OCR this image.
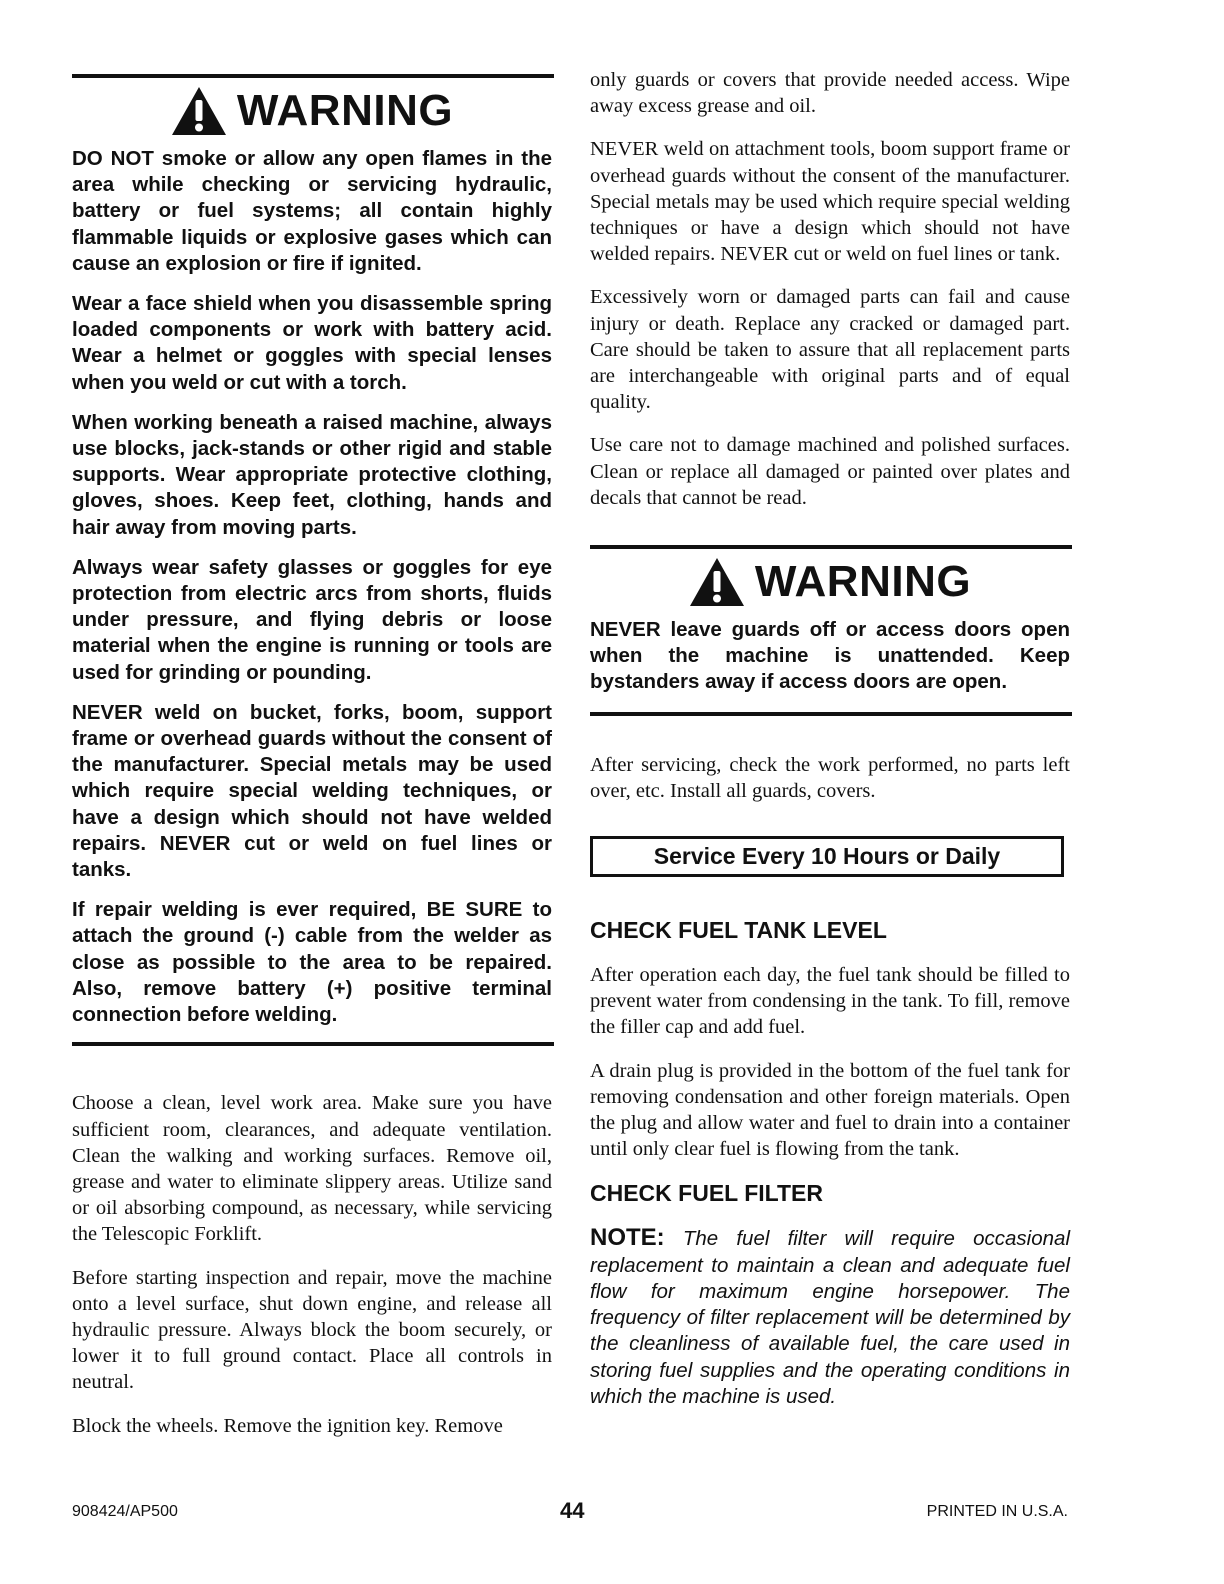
WARNING

DO NOT smoke or allow any open flames in the area while checking or servicing hydraulic, battery or fuel systems; all contain highly flammable liquids or explosive gases which can cause an explosion or fire if ignited.

Wear a face shield when you disassemble spring loaded components or work with battery acid. Wear a helmet or goggles with special lenses when you weld or cut with a torch.

When working beneath a raised machine, always use blocks, jack-stands or other rigid and stable supports. Wear appropriate protective clothing, gloves, shoes. Keep feet, clothing, hands and hair away from moving parts.

Always wear safety glasses or goggles for eye protection from electric arcs from shorts, fluids under pressure, and flying debris or loose material when the engine is running or tools are used for grinding or pounding.

NEVER weld on bucket, forks, boom, support frame or overhead guards without the consent of the manufacturer. Special metals may be used which require special welding techniques, or have a design which should not have welded repairs. NEVER cut or weld on fuel lines or tanks.

If repair welding is ever required, BE SURE to attach the ground (-) cable from the welder as close as possible to the area to be repaired. Also, remove battery (+) positive terminal connection before welding.

Choose a clean, level work area. Make sure you have sufficient room, clearances, and adequate ventilation. Clean the walking and working surfaces. Remove oil, grease and water to eliminate slippery areas. Utilize sand or oil absorbing compound, as necessary, while servicing the Telescopic Forklift.

Before starting inspection and repair, move the machine onto a level surface, shut down engine, and release all hydraulic pressure. Always block the boom securely, or lower it to full ground contact. Place all controls in neutral.

Block the wheels. Remove the ignition key. Remove

only guards or covers that provide needed access. Wipe away excess grease and oil.

NEVER weld on attachment tools, boom support frame or overhead guards without the consent of the manufacturer. Special metals may be used which require special welding techniques or have a design which should not have welded repairs. NEVER cut or weld on fuel lines or tank.

Excessively worn or damaged parts can fail and cause injury or death. Replace any cracked or damaged part. Care should be taken to assure that all replacement parts are interchangeable with original parts and of equal quality.

Use care not to damage machined and polished surfaces. Clean or replace all damaged or painted over plates and decals that cannot be read.

WARNING

NEVER leave guards off or access doors open when the machine is unattended. Keep bystanders away if access doors are open.

After servicing, check the work performed, no parts left over, etc. Install all guards, covers.

Service Every 10 Hours or Daily
CHECK FUEL TANK LEVEL

After operation each day, the fuel tank should be filled to prevent water from condensing in the tank. To fill, remove the filler cap and add fuel.

A drain plug is provided in the bottom of the fuel tank for removing condensation and other foreign materials. Open the plug and allow water and fuel to drain into a container until only clear fuel is flowing from the tank.

CHECK FUEL FILTER

NOTE: The fuel filter will require occasional replacement to maintain a clean and adequate fuel flow for maximum engine horsepower. The frequency of filter replacement will be determined by the cleanliness of available fuel, the care used in storing fuel supplies and the operating conditions in which the machine is used.

908424/AP500	44	PRINTED IN U.S.A.
